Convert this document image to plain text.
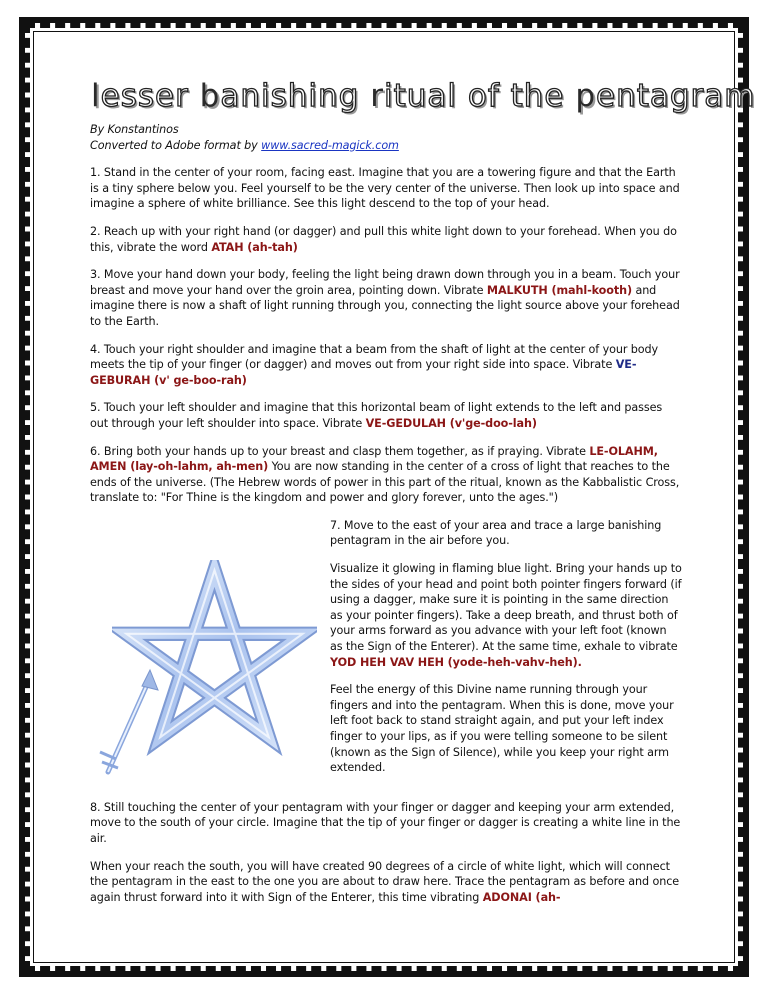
lesser banishing ritual of the pentagram

By Konstantinos

Converted to Adobe format by www.sacred-magick.com

1. Stand in the center of your room, facing east. Imagine that you are a towering figure and that the Earth is a tiny sphere below you. Feel yourself to be the very center of the universe. Then look up into space and imagine a sphere of white brilliance. See this light descend to the top of your head.

2. Reach up with your right hand (or dagger) and pull this white light down to your forehead. When you do this, vibrate the word ATAH (ah-tah)

3. Move your hand down your body, feeling the light being drawn down through you in a beam. Touch your breast and move your hand over the groin area, pointing down. Vibrate MALKUTH (mahl-kooth) and imagine there is now a shaft of light running through you, connecting the light source above your forehead to the Earth.

4. Touch your right shoulder and imagine that a beam from the shaft of light at the center of your body meets the tip of your finger (or dagger) and moves out from your right side into space. Vibrate VE-GEBURAH (v' ge-boo-rah)

5. Touch your left shoulder and imagine that this horizontal beam of light extends to the left and passes out through your left shoulder into space. Vibrate VE-GEDULAH (v'ge-doo-lah)

6. Bring both your hands up to your breast and clasp them together, as if praying. Vibrate LE-OLAHM, AMEN (lay-oh-lahm, ah-men) You are now standing in the center of a cross of light that reaches to the ends of the universe. (The Hebrew words of power in this part of the ritual, known as the Kabbalistic Cross, translate to: "For Thine is the kingdom and power and glory forever, unto the ages.")

7. Move to the east of your area and trace a large banishing pentagram in the air before you.

Visualize it glowing in flaming blue light. Bring your hands up to the sides of your head and point both pointer fingers forward (if using a dagger, make sure it is pointing in the same direction as your pointer fingers). Take a deep breath, and thrust both of your arms forward as you advance with your left foot (known as the Sign of the Enterer). At the same time, exhale to vibrate YOD HEH VAV HEH (yode-heh-vahv-heh).

Feel the energy of this Divine name running through your fingers and into the pentagram. When this is done, move your left foot back to stand straight again, and put your left index finger to your lips, as if you were telling someone to be silent (known as the Sign of Silence), while you keep your right arm extended.

8. Still touching the center of your pentagram with your finger or dagger and keeping your arm extended, move to the south of your circle. Imagine that the tip of your finger or dagger is creating a white line in the air.

When your reach the south, you will have created 90 degrees of a circle of white light, which will connect the pentagram in the east to the one you are about to draw here. Trace the pentagram as before and once again thrust forward into it with Sign of the Enterer, this time vibrating ADONAI (ah-
